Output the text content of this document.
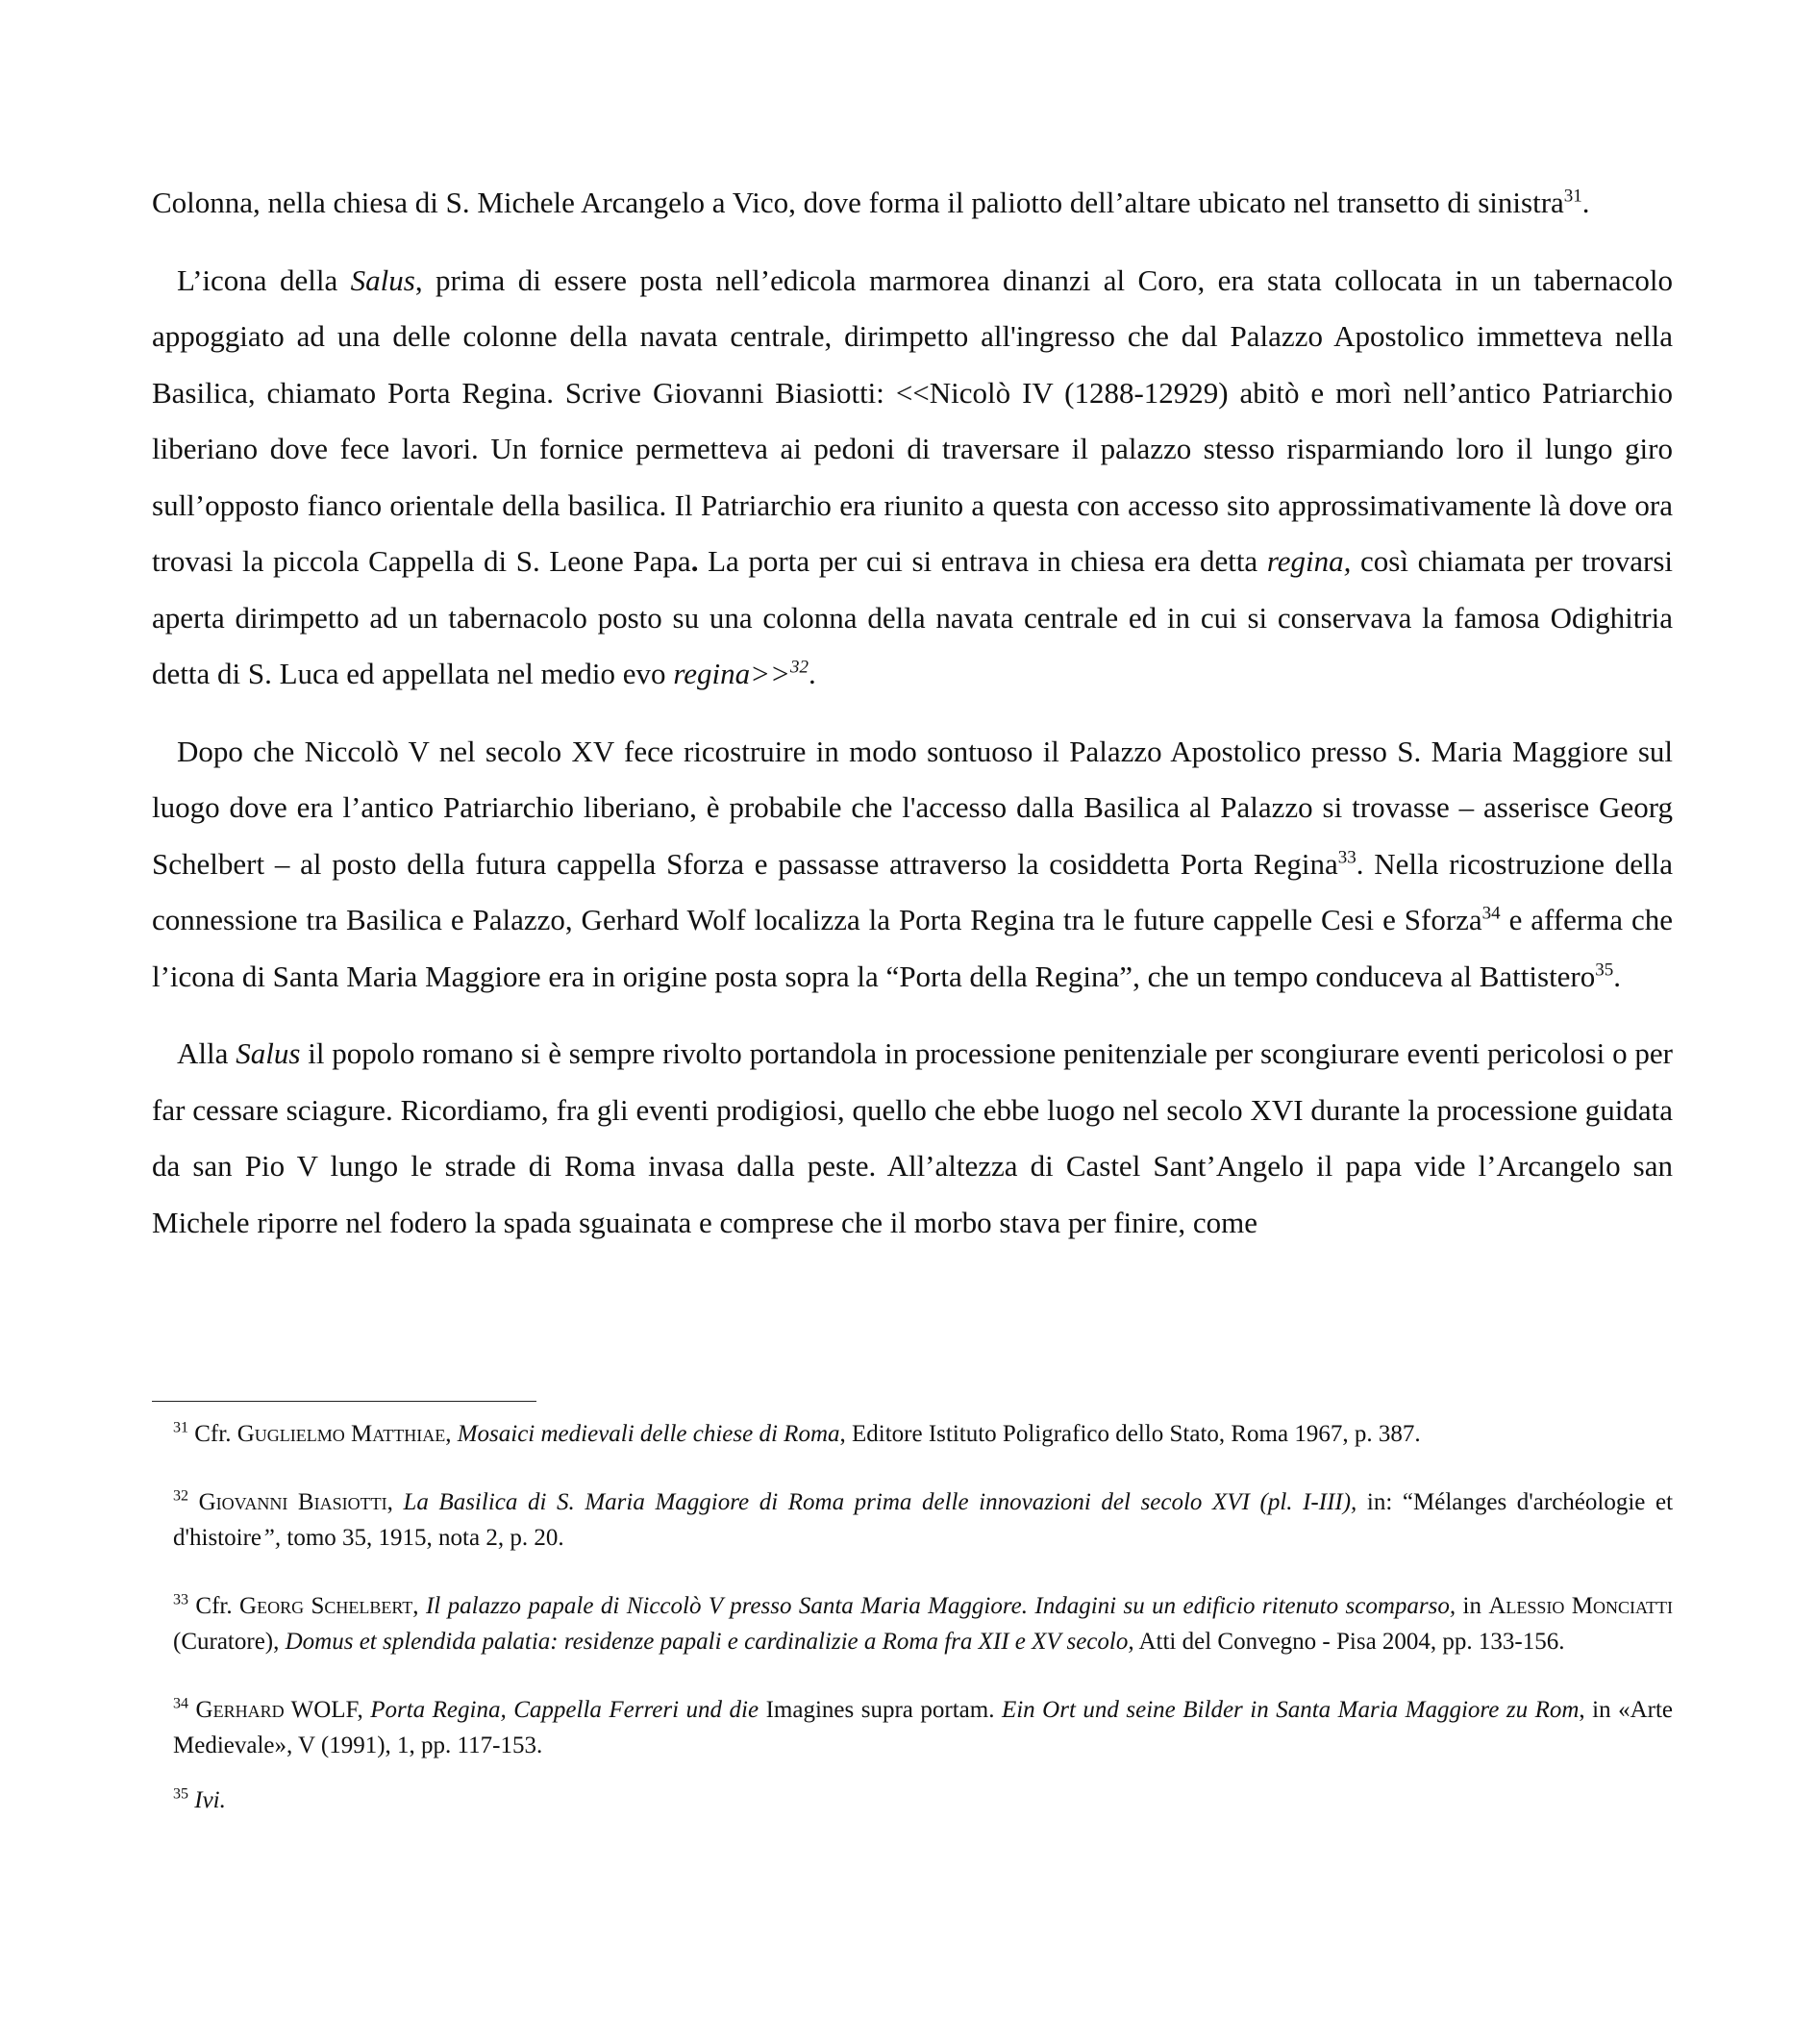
Colonna, nella chiesa di S. Michele Arcangelo a Vico, dove forma il paliotto dell’altare ubicato nel transetto di sinistra$^{31}$.

L’icona della Salus, prima di essere posta nell’edicola marmorea dinanzi al Coro, era stata collocata in un tabernacolo appoggiato ad una delle colonne della navata centrale, dirimpetto all'ingresso che dal Palazzo Apostolico immetteva nella Basilica, chiamato Porta Regina. Scrive Giovanni Biasiotti: <<Nicolò IV (1288-12929) abitò e morì nell’antico Patriarchio liberiano dove fece lavori. Un fornice permetteva ai pedoni di traversare il palazzo stesso risparmiando loro il lungo giro sull’opposto fianco orientale della basilica. Il Patriarchio era riunito a questa con accesso sito approssimativamente là dove ora trovasi la piccola Cappella di S. Leone Papa. La porta per cui si entrava in chiesa era detta regina, così chiamata per trovarsi aperta dirimpetto ad un tabernacolo posto su una colonna della navata centrale ed in cui si conservava la famosa Odighitria detta di S. Luca ed appellata nel medio evo regina>>$^{32}$.

Dopo che Niccolò V nel secolo XV fece ricostruire in modo sontuoso il Palazzo Apostolico presso S. Maria Maggiore sul luogo dove era l’antico Patriarchio liberiano, è probabile che l'accesso dalla Basilica al Palazzo si trovasse – asserisce Georg Schelbert – al posto della futura cappella Sforza e passasse attraverso la cosiddetta Porta Regina$^{33}$. Nella ricostruzione della connessione tra Basilica e Palazzo, Gerhard Wolf localizza la Porta Regina tra le future cappelle Cesi e Sforza$^{34}$ e afferma che l’icona di Santa Maria Maggiore era in origine posta sopra la “Porta della Regina”, che un tempo conduceva al Battistero$^{35}$.

Alla Salus il popolo romano si è sempre rivolto portandola in processione penitenziale per scongiurare eventi pericolosi o per far cessare sciagure. Ricordiamo, fra gli eventi prodigiosi, quello che ebbe luogo nel secolo XVI durante la processione guidata da san Pio V lungo le strade di Roma invasa dalla peste. All’altezza di Castel Sant’Angelo il papa vide l’Arcangelo san Michele riporre nel fodero la spada sguainata e comprese che il morbo stava per finire, come

$^{31}$ Cfr. Guglielmo Matthiae, Mosaici medievali delle chiese di Roma, Editore Istituto Poligrafico dello Stato, Roma 1967, p. 387.

$^{32}$ Giovanni Biasiotti, La Basilica di S. Maria Maggiore di Roma prima delle innovazioni del secolo XVI (pl. I-III), in: “Mélanges d'archéologie et d'histoire”, tomo 35, 1915, nota 2, p. 20.

$^{33}$ Cfr. Georg Schelbert, Il palazzo papale di Niccolò V presso Santa Maria Maggiore. Indagini su un edificio ritenuto scomparso, in Alessio Monciatti (Curatore), Domus et splendida palatia: residenze papali e cardinalizie a Roma fra XII e XV secolo, Atti del Convegno - Pisa 2004, pp. 133-156.

$^{34}$ Gerhard WOLF, Porta Regina, Cappella Ferreri und die Imagines supra portam. Ein Ort und seine Bilder in Santa Maria Maggiore zu Rom, in «Arte Medievale», V (1991), 1, pp. 117-153.

$^{35}$ Ivi.
